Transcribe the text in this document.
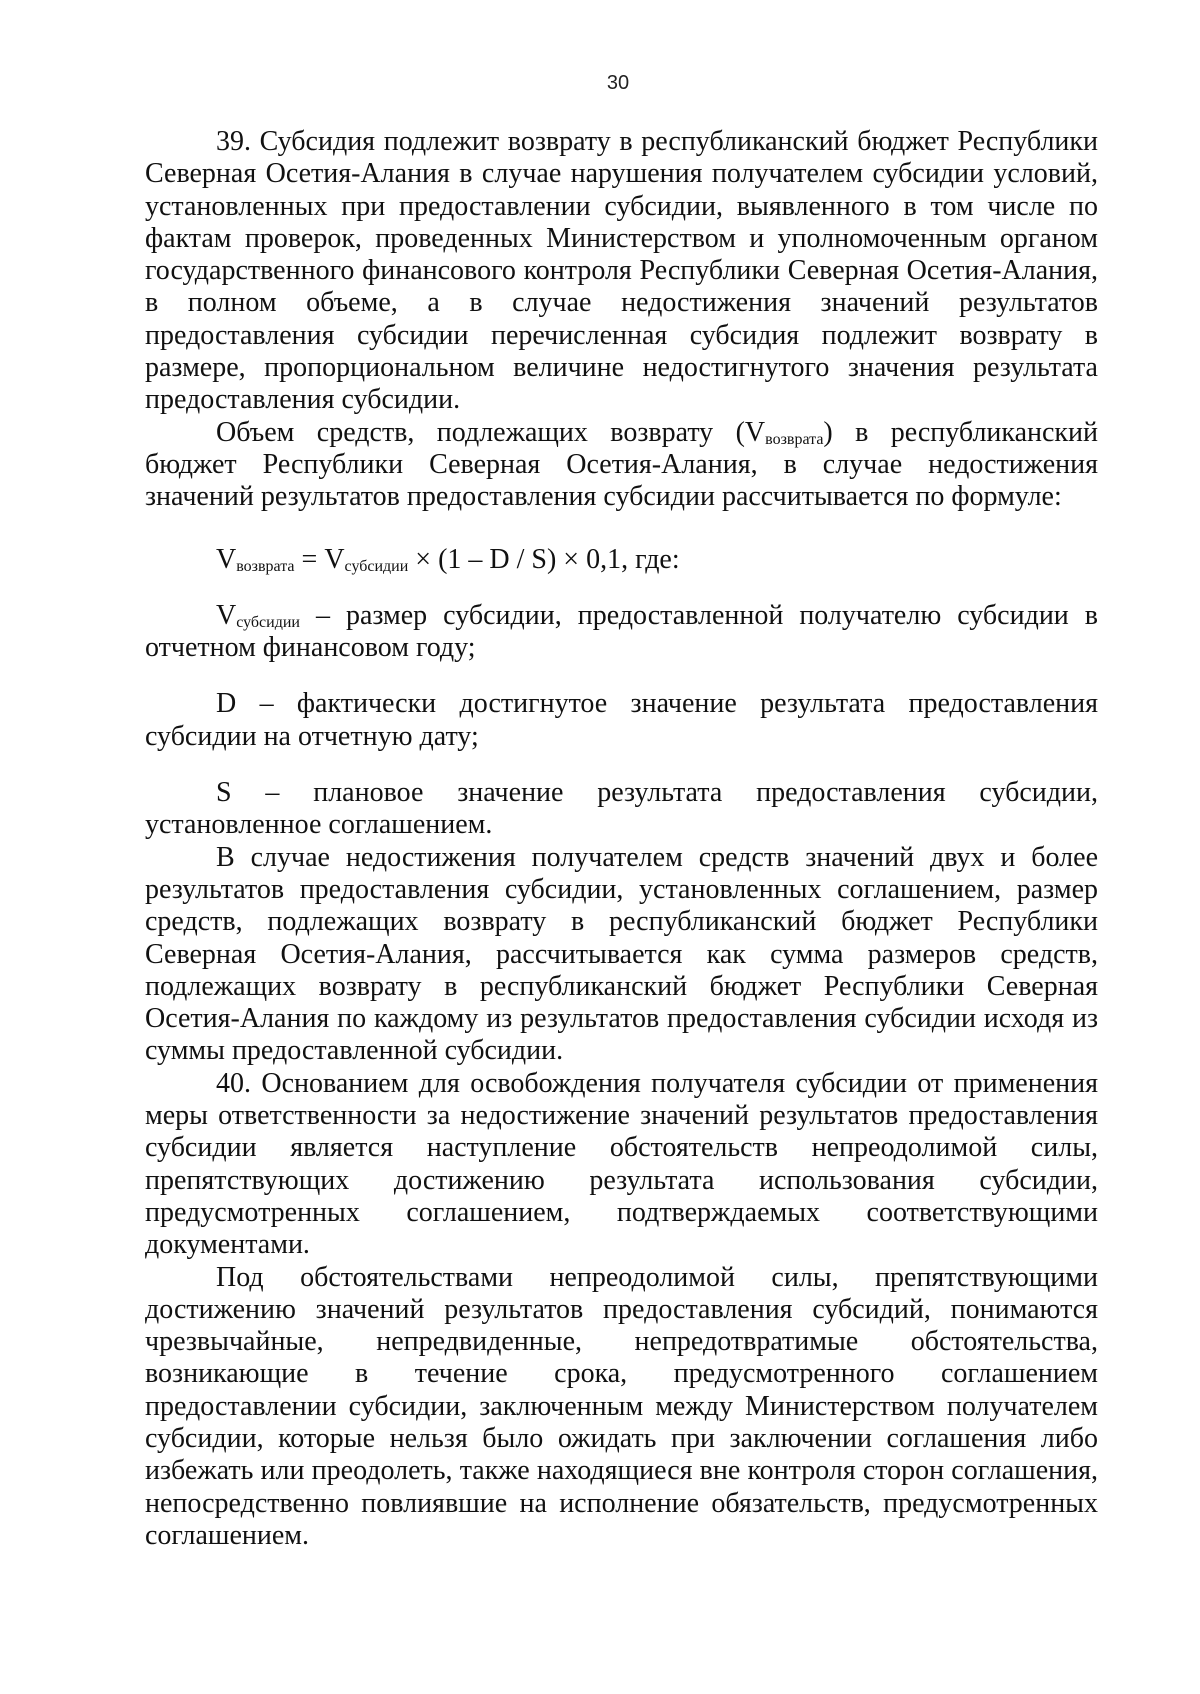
30

39. Субсидия подлежит возврату в республиканский бюджет Республики Северная Осетия-Алания в случае нарушения получателем субсидии условий, установленных при предоставлении субсидии, выявленного в том числе по фактам проверок, проведенных Министерством и уполномоченным органом государственного финансового контроля Республики Северная Осетия-Алания, в полном объеме, а в случае недостижения значений результатов предоставления субсидии перечисленная субсидия подлежит возврату в размере, пропорциональном величине недостигнутого значения результата предоставления субсидии.

Объем средств, подлежащих возврату $(V_{возврата})$ в республиканский бюджет Республики Северная Осетия-Алания, в случае недостижения значений результатов предоставления субсидии рассчитывается по формуле:

$V_{возврата} = V_{субсидии} \times (1 - D / S) \times 0,1$, где:

$V_{субсидии}$ – размер субсидии, предоставленной получателю субсидии в отчетном финансовом году;

D – фактически достигнутое значение результата предоставления субсидии на отчетную дату;

S – плановое значение результата предоставления субсидии, установленное соглашением.

В случае недостижения получателем средств значений двух и более результатов предоставления субсидии, установленных соглашением, размер средств, подлежащих возврату в республиканский бюджет Республики Северная Осетия-Алания, рассчитывается как сумма размеров средств, подлежащих возврату в республиканский бюджет Республики Северная Осетия-Алания по каждому из результатов предоставления субсидии исходя из суммы предоставленной субсидии.

40. Основанием для освобождения получателя субсидии от применения меры ответственности за недостижение значений результатов предоставления субсидии является наступление обстоятельств непреодолимой силы, препятствующих достижению результата использования субсидии, предусмотренных соглашением, подтверждаемых соответствующими документами.

Под обстоятельствами непреодолимой силы, препятствующими достижению значений результатов предоставления субсидий, понимаются чрезвычайные, непредвиденные, непредотвратимые обстоятельства, возникающие в течение срока, предусмотренного соглашением предоставлении субсидии, заключенным между Министерством получателем субсидии, которые нельзя было ожидать при заключении соглашения либо избежать или преодолеть, также находящиеся вне контроля сторон соглашения, непосредственно повлиявшие на исполнение обязательств, предусмотренных соглашением.
